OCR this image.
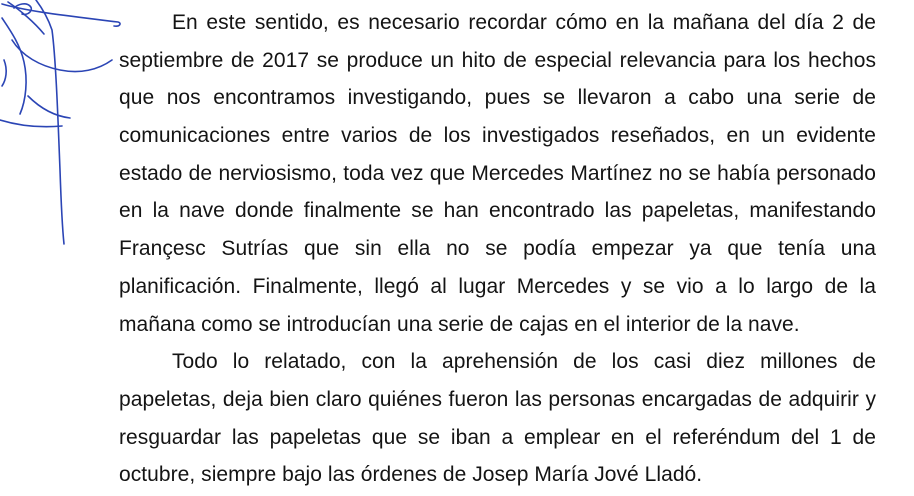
En este sentido, es necesario recordar cómo en la mañana del día 2 de
septiembre de 2017 se produce un hito de especial relevancia para los hechos
que nos encontramos investigando, pues se llevaron a cabo una serie de
comunicaciones entre varios de los investigados reseñados, en un evidente
estado de nerviosismo, toda vez que Mercedes Martínez no se había personado
en la nave donde finalmente se han encontrado las papeletas, manifestando
Françesc Sutrías que sin ella no se podía empezar ya que tenía una
planificación. Finalmente, llegó al lugar Mercedes y se vio a lo largo de la
mañana como se introducían una serie de cajas en el interior de la nave.
Todo lo relatado, con la aprehensión de los casi diez millones de
papeletas, deja bien claro quiénes fueron las personas encargadas de adquirir y
resguardar las papeletas que se iban a emplear en el referéndum del 1 de
octubre, siempre bajo las órdenes de Josep María Jové Lladó.
